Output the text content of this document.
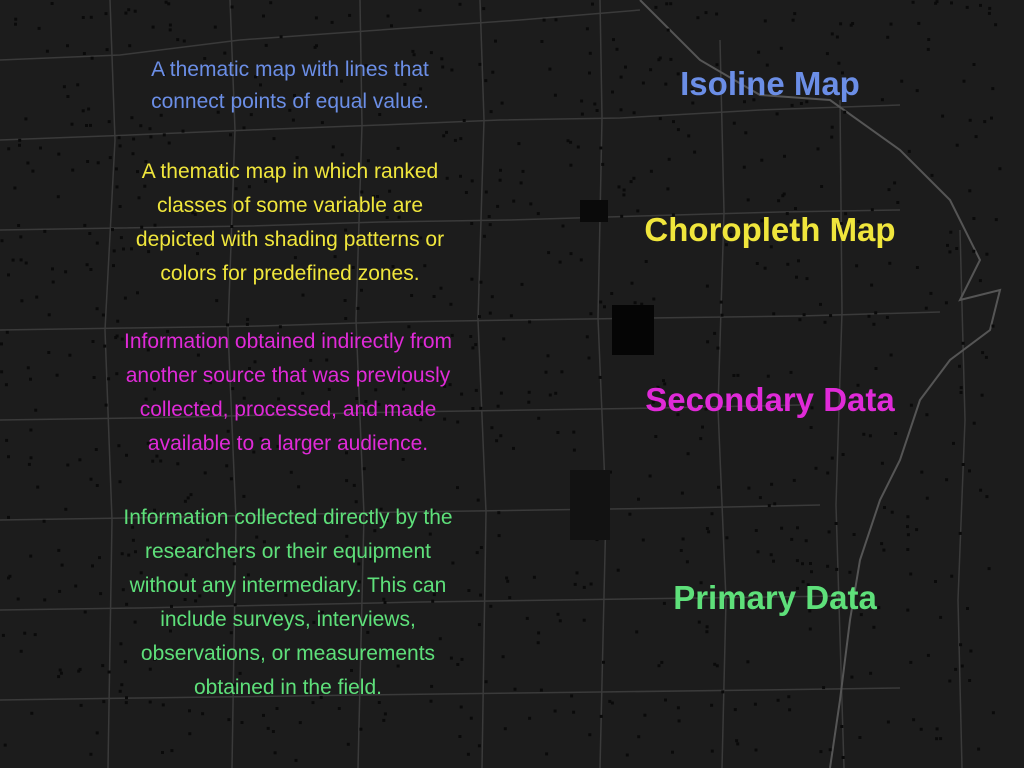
A thematic map with lines that
connect points of equal value.
A thematic map in which ranked
classes of some variable are
depicted with shading patterns or
colors for predefined zones.
Information obtained indirectly from
another source that was previously
collected, processed, and made
available to a larger audience.
Information collected directly by the
researchers or their equipment
without any intermediary. This can
include surveys, interviews,
observations, or measurements
obtained in the field.
Isoline Map
Choropleth Map
Secondary Data
Primary Data
